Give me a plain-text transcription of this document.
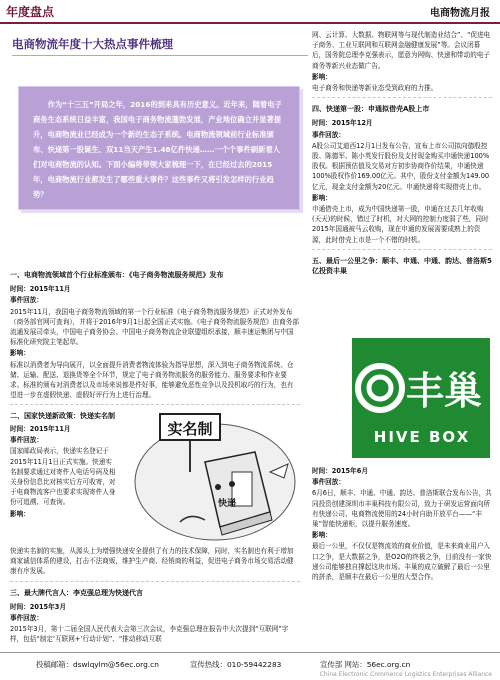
年度盘点	电商物流月报
电商物流年度十大热点事件梳理

作为“十三五”开局之年，2016的到来具有历史意义。近年来，随着电子商务生态系统日益丰富，我国电子商务物流蓬勃发展，产业地位确立并显著提升，电商物流业已经成为一个新的生态子系统。电商物流领域前行业标准颁布、快递第一股诞生、双11当天产生1.48亿件快递……一个个事件刷新着人们对电商物流的认知。下面小编将带领大家梳理一下，在已经过去的2015年，电商物流行业都发生了哪些重大事件？这些事件又将引发怎样的行业趋势？

一、电商物流领域首个行业标准颁布：《电子商务物流服务规范》发布

时间：2015年11月

事件回放：

2015年11月，我国电子商务物流领域的第一个行业标准《电子商务物流服务规范》正式对外发布（商务部官网可查询），并将于2016年9月1日起全国正式实施。《电子商务物流服务规范》由商务部流通发展司牵头，中国电子商务协会、中国电子商务物流企业联盟组织承接，顺丰速运集团与中国标准化研究院主笔起草。

影响：

标准以消费者为导向展开，以全面提升消费者物流体验为指导思想，深入到电子商务物流系统、仓储、运输、配送、退换货等全个环节，规定了电子商务物流服务的服务能力、服务要求和作业要求。标准的颁布对消费者以及市场来说都是件好事，能够避免恶性竞争以及投机取巧的行为，也有望进一步在虚假快递、虚假好评行为上进行治理。

二、国家快递新政策：快递实名制

时间：2015年11月

事件回放：

国家邮政局表示，快递实名登记于2015年11月1日正式实施。快递实名制要求通过对寄件人电话号码及相关身份信息比对核实后方可收寄，对于电商物流客户也要求实现寄件人身份可追溯、可查询。

影响：

快递实名制的实施，从源头上为增强快递安全提供了有力的技术保障，同时，实名制也有利于增加商家诚信体系的建设，打击不法商贩，维护生产商、经销商的利益，促进电子商务市场交易活动健康有序发展。

三、最大牌代言人：李克强总理为快递代言

时间：2015年3月

事件回放：

2015年3月，第十二届全国人民代表大会第三次会议，李克强总理在报告中大次提到“互联网”字样，包括“制定‘互联网+’行动计划”、“推动移动互联

实名制
快递

网、云计算、大数据、物联网等与现代制造业结合”、“促进电子商务、工业互联网和互联网金融健康发展”等。会议闭幕后，国务院总理李克强表示，愿意为网购、快递和带动的电子商务等新兴业态做广告。

影响：

电子商务和快递等新业态受到政府的力推。

四、快递第一股：申通拟借壳A股上市

时间：2015年12月

事件回放：

A股公司艾迪西12月1日发布公告，宣布上市公司拟向德殷控股、陈德军、陈小英发行股份及支付现金购买申通快递100%股权。根据预估值及交易对方初步协商作价结果，申通快递100%股权作价169.00亿元。其中，股份支付金额为149.00亿元，现金支付金额为20亿元。申通快递将实现借壳上市。

影响：

申通借壳上市，成为中国快递第一股，申通在过去几年收购(天天)的时候，错过了时机，对大网的控制力度弱了些，同时2015年国通被马云收购，现在申通的发展需要成熟上的资源，此时借壳上市是一个不错的时机。

五、最后一公里之争：顺丰、申通、中通、韵达、普洛斯5亿投资丰巢
丰巢
HIVE BOX

时间：2015年6月

事件回放：

6月6日，顺丰、申通、中通、韵达、普洛斯联合发布公告，共同投资创建深圳市丰巢科技有限公司，致力于研发运营面向所有快递公司、电商物流使用的24小时自助开放平台——“丰巢”智能快递柜，以提升服务速度。

影响：

最后一公里，不仅仅是物流效的商业价值，是未来商业用户入口之争，是大数据之争，是O2O的终极之争，目前没有一家快递公司能够独自撑起这块市场。丰巢的成立破解了最后一公里的拼杀，是顺丰在最后一公里的大型合作。

投稿邮箱：dswlqylm@56ec.org.cn	宣传热线：010-59442283	宣传部 网站：56ec.org.cn
China Electronic Commerce Logistics Enterprises Alliance
